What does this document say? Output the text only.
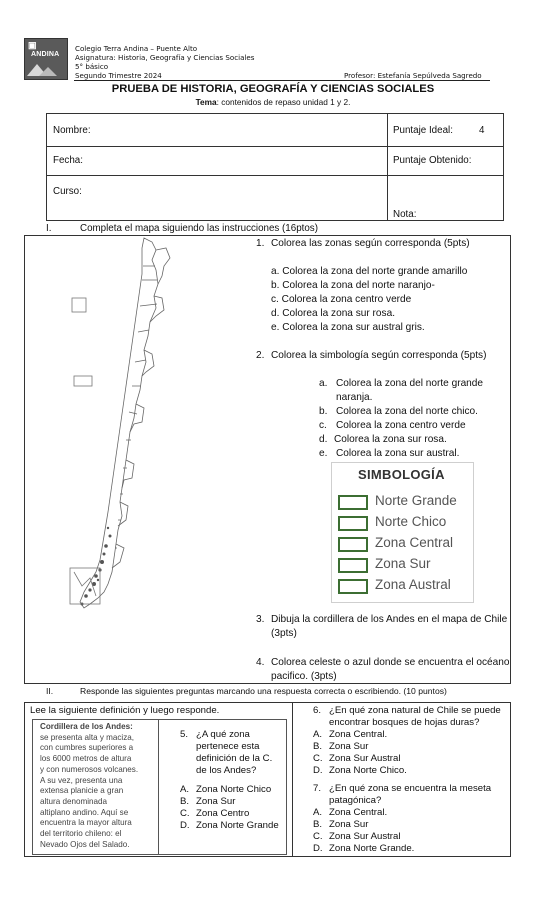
▣
ANDINA
Colegio Terra Andina – Puente Alto
Asignatura: Historia, Geografía y Ciencias Sociales
5° básico
Segundo Trimestre 2024	Profesor: Estefanía Sepúlveda Sagredo
PRUEBA DE HISTORIA, GEOGRAFÍA Y CIENCIAS SOCIALES
Tema: contenidos de repaso unidad 1 y 2.
Nombre:	Puntaje Ideal:	4
Fecha:	Puntaje Obtenido:
Curso:
Nota:
I.	Completa el mapa siguiendo las instrucciones (16ptos)
1. Colorea las zonas según corresponda (5pts)
a. Colorea la zona del norte grande amarillo
b. Colorea la zona del norte naranjo-
c. Colorea la zona centro verde
d. Colorea la zona sur rosa.
e. Colorea la zona sur austral gris.
2. Colorea la simbología según corresponda (5pts)
a. Colorea la zona del norte grande
naranja.
b. Colorea la zona del norte chico.
c. Colorea la zona centro verde
d. Colorea la zona sur rosa.
e. Colorea la zona sur austral.
SIMBOLOGÍA
Norte Grande
Norte Chico
Zona Central
Zona Sur
Zona Austral
3. Dibuja la cordillera de los Andes en el mapa de Chile
(3pts)
4. Colorea celeste o azul donde se encuentra el océano
pacifico. (3pts)
II.	Responde las siguientes preguntas marcando una respuesta correcta o escribiendo. (10 puntos)
Lee la siguiente definición y luego responde.
Cordillera de los Andes:
se presenta alta y maciza,
con cumbres superiores a
los 6000 metros de altura
y con numerosos volcanes.
A su vez, presenta una
extensa planicie a gran
altura denominada
altiplano andino. Aquí se
encuentra la mayor altura
del territorio chileno: el
Nevado Ojos del Salado.
5. ¿A qué zona
pertenece esta
definición de la C.
de los Andes?
A. Zona Norte Chico
B. Zona Sur
C. Zona Centro
D. Zona Norte Grande
6. ¿En qué zona natural de Chile se puede
encontrar bosques de hojas duras?
A. Zona Central.
B. Zona Sur
C. Zona Sur Austral
D. Zona Norte Chico.
7. ¿En qué zona se encuentra la meseta
patagónica?
A. Zona Central.
B. Zona Sur
C. Zona Sur Austral
D. Zona Norte Grande.
